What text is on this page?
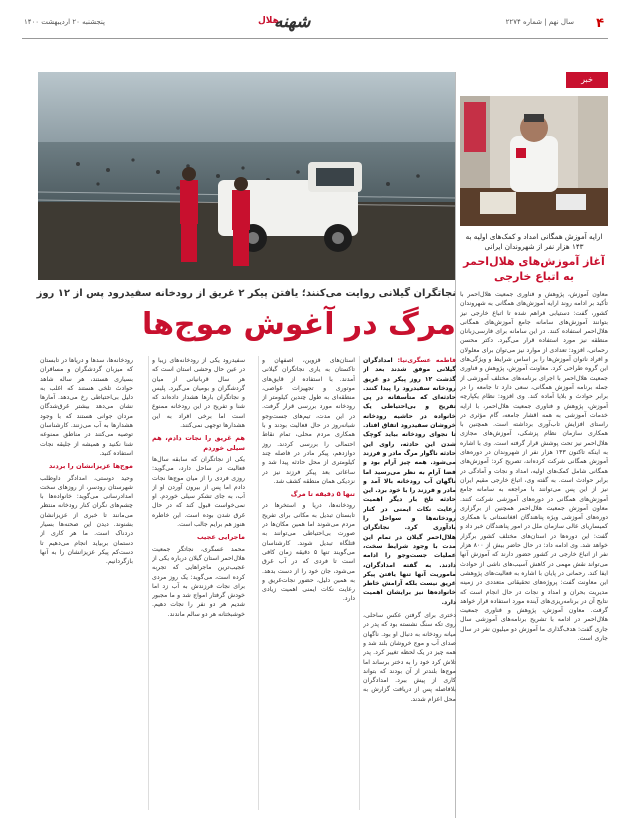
۴
سال نهم | شماره ۲۲۷۴
هلال
شهنه
پنجشنبه ۲۰ اردیبهشت ۱۴۰۰
خبر
ارایه آموزش همگانی امداد و کمک‌های اولیه به ۱۴۳ هزار نفر از شهروندان ایرانی
آغاز آموزش‌های هلال‌احمر به اتباع خارجی
معاون آموزش، پژوهش و فناوری جمعیت هلال‌احمر با تأکید بر ادامه روند ارایه آموزش‌های همگانی به شهروندان کشور، گفت: دستیابی فراهم شده تا اتباع خارجی نیز بتوانند آموزش‌های سامانه جامع آموزش‌های همگانی هلال‌احمر استفاده کنند. در این سامانه برای فارسی‌زبانان منطقه نیز مورد استفاده قرار می‌گیرد. دکتر محسن رحمانی، افزود: تعدادی از موارد نیز می‌توان برای معلولان و افراد ناتوان آموزش‌ها را بر اساس شرایط و ویژگی‌های این گروه طراحی کرد. معاونت آموزش، پژوهش و فناوری جمعیت هلال‌احمر با اجرای برنامه‌های مختلف آموزشی از جمله برنامه آموزش همگانی، سعی دارد تا جامعه را در برابر حوادث و بلایا آماده کند. وی افزود: نظام یکپارچه آموزش، پژوهش و فناوری جمعیت هلال‌احمر، با ارایه خدمات آموزشی به همه اقشار جامعه، گام مؤثری در راستای افزایش تاب‌آوری برداشته است. همچنین با همکاری سازمان نظام پزشکی، آموزش‌های مجازی هلال‌احمر نیز تحت پوشش قرار گرفته است. وی با اشاره به اینکه تاکنون ۱۴۳ هزار نفر از شهروندان در دوره‌های آموزش همگانی شرکت کرده‌اند، تصریح کرد: آموزش‌های همگانی شامل کمک‌های اولیه، امداد و نجات و آمادگی در برابر حوادث است. به گفته وی، اتباع خارجی مقیم ایران نیز از این پس می‌توانند با مراجعه به سامانه جامع آموزش‌های همگانی در دوره‌های آموزشی شرکت کنند. معاون آموزش جمعیت هلال‌احمر همچنین از برگزاری دوره‌های آموزشی ویژه پناهندگان افغانستانی با همکاری کمیساریای عالی سازمان ملل در امور پناهندگان خبر داد و گفت: این دوره‌ها در استان‌های مختلف کشور برگزار خواهد شد. وی ادامه داد: در حال حاضر بیش از ۸۰۰ هزار نفر از اتباع خارجی در کشور حضور دارند که آموزش آنها می‌تواند نقش مهمی در کاهش آسیب‌های ناشی از حوادث ایفا کند. رحمانی در پایان با اشاره به فعالیت‌های پژوهشی این معاونت گفت: پروژه‌های تحقیقاتی متعددی در زمینه مدیریت بحران و امداد و نجات در حال انجام است که نتایج آن در برنامه‌ریزی‌های آینده مورد استفاده قرار خواهد گرفت. معاون آموزش، پژوهش و فناوری جمعیت هلال‌احمر در ادامه با تشریح برنامه‌های آموزشی سال جاری گفت: هدف‌گذاری ما آموزش دو میلیون نفر در سال جاری است.
نجاتگران گیلانی روایت می‌کنند؛ یافتن پیکر ۲ غریق از رودخانه سفیدرود پس از ۱۲ روز
مرگ در آغوش موج‌ها
فاطمه عسگری‌نیا: امدادگران گیلانی موفق شدند بعد از گذشت ۱۲ روز پیکر دو غریق رودخانه سفیدرود را پیدا کنند. حادثه‌ای که متأسفانه در پی تفریح و بی‌احتیاطی یک خانواده در حاشیه رودخانه خروشان سفیدرود اتفاق افتاد. تا نجوای رودخانه بیاید کوچک شدن این حادثه، راوی این حادثه ناگوار مرگ مادر و فرزند می‌شود. همه چیز آرام بود و فضا آرام به نظر می‌رسید اما ناگهان آب رودخانه بالا آمد و مادر و فرزند را با خود برد. این حادثه تلخ بار دیگر اهمیت رعایت نکات ایمنی در کنار رودخانه‌ها و سواحل را یادآوری کرد. نجاتگران هلال‌احمر گیلان در تمام این مدت با وجود شرایط سخت، عملیات جست‌وجو را ادامه دادند. به گفته امدادگران، ماموریت آنها تنها یافتن پیکر غریق نیست بلکه آرامش خاطر خانواده‌ها نیز برایشان اهمیت دارد.
دختری برای گرفتن عکس ساحلی، روی تکه سنگ نشسته بود که پدر در میانه رودخانه به دنبال او بود. ناگهان صدای آب و موج خروشان بلند شد و همه چیز در یک لحظه تغییر کرد. پدر تلاش کرد خود را به دختر برساند اما موج‌ها بلندتر از آن بودند که بتواند کاری از پیش ببرد. امدادگران بلافاصله پس از دریافت گزارش به محل اعزام شدند.
استان‌های قزوین، اصفهان و تاکستان به یاری نجاتگران گیلانی آمدند. با استفاده از قایق‌های موتوری و تجهیزات غواصی، منطقه‌ای به طول چندین کیلومتر از رودخانه مورد بررسی قرار گرفت. در این مدت، تیم‌های جست‌وجو شبانه‌روز در حال فعالیت بودند و با همکاری مردم محلی، تمام نقاط احتمالی را بررسی کردند. روز دوازدهم، پیکر مادر در فاصله چند کیلومتری از محل حادثه پیدا شد و ساعاتی بعد پیکر فرزند نیز در نزدیکی همان منطقه کشف شد.
تنها ۵ دقیقه تا مرگ
رودخانه‌ها، دریا و استخرها در تابستان تبدیل به مکانی برای تفریح مردم می‌شوند اما همین مکان‌ها در صورت بی‌احتیاطی می‌توانند به قتلگاه تبدیل شوند. کارشناسان می‌گویند تنها ۵ دقیقه زمان کافی است تا فردی که در آب غرق می‌شود، جان خود را از دست بدهد. به همین دلیل، حضور نجات‌غریق و رعایت نکات ایمنی اهمیت زیادی دارد.
سفیدرود یکی از رودخانه‌های زیبا و در عین حال وحشی استان است که هر سال قربانیانی از میان گردشگران و بومیان می‌گیرد. پلیس و نجاتگران بارها هشدار داده‌اند که شنا و تفریح در این رودخانه ممنوع است اما برخی افراد به این هشدارها توجهی نمی‌کنند.
هم غریق را نجات دادم، هم سیلی خوردم
یکی از نجاتگران که سابقه سال‌ها فعالیت در ساحل دارد، می‌گوید: روزی فردی را از میان موج‌ها نجات دادم اما پس از بیرون آوردن او از آب، به جای تشکر سیلی خوردم. او نمی‌خواست قبول کند که در حال غرق شدن بوده است. این خاطره هنوز هم برایم جالب است.
ماجرایی عجیب
محمد عسگری، نجاتگر جمعیت هلال‌احمر استان گیلان درباره یکی از عجیب‌ترین ماجراهایی که تجربه کرده است، می‌گوید: یک روز مردی برای نجات فرزندش به آب زد اما خودش گرفتار امواج شد و ما مجبور شدیم هر دو نفر را نجات دهیم. خوشبختانه هر دو سالم ماندند.
رودخانه‌ها، سدها و دریاها در تابستان که میزبان گردشگران و مسافران بسیاری هستند، هر ساله شاهد حوادث تلخی هستند که اغلب به دلیل بی‌احتیاطی رخ می‌دهد. آمارها نشان می‌دهد بیشتر غرق‌شدگان مردان جوانی هستند که با وجود هشدارها به آب می‌زنند. کارشناسان توصیه می‌کنند در مناطق ممنوعه شنا نکنید و همیشه از جلیقه نجات استفاده کنید.
موج‌ها عزیزانشان را بردند
وحید دوستی، امدادگر داوطلب شهرستان رودسر، از روزهای سخت امدادرسانی می‌گوید: خانواده‌ها با چشم‌های نگران کنار رودخانه منتظر می‌مانند تا خبری از عزیزانشان بشنوند. دیدن این صحنه‌ها بسیار دردناک است. ما هر کاری از دستمان بربیاید انجام می‌دهیم تا دست‌کم پیکر عزیزانشان را به آنها بازگردانیم.
